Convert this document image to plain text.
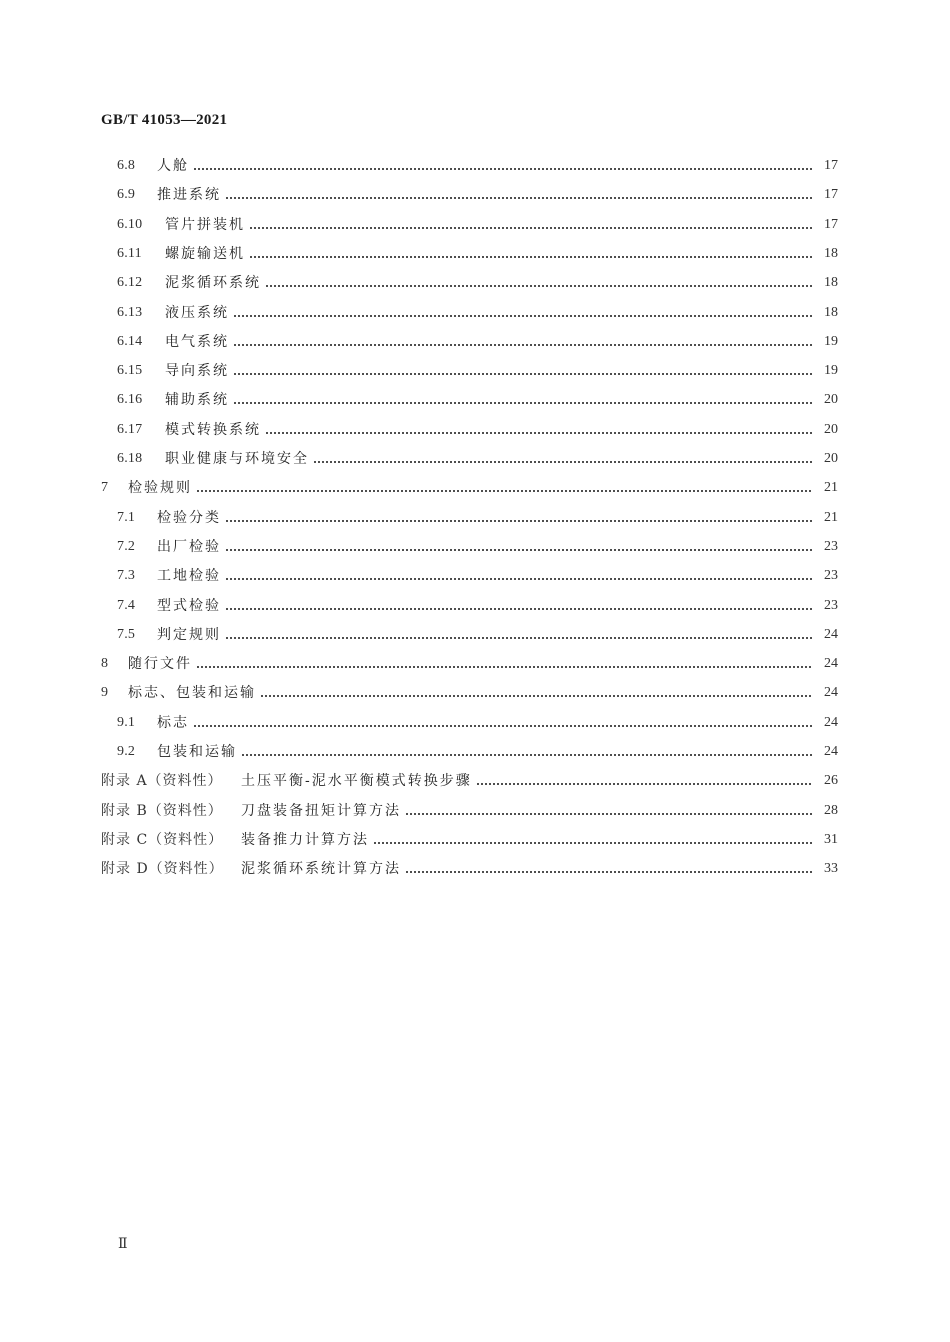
GB/T 41053—2021
6.8	人舱	17
6.9	推进系统	17
6.10	管片拼装机	17
6.11	螺旋输送机	18
6.12	泥浆循环系统	18
6.13	液压系统	18
6.14	电气系统	19
6.15	导向系统	19
6.16	辅助系统	20
6.17	模式转换系统	20
6.18	职业健康与环境安全	20
7	检验规则	21
7.1	检验分类	21
7.2	出厂检验	23
7.3	工地检验	23
7.4	型式检验	23
7.5	判定规则	24
8	随行文件	24
9	标志、包装和运输	24
9.1	标志	24
9.2	包装和运输	24
附录 A（资料性）	土压平衡-泥水平衡模式转换步骤	26
附录 B（资料性）	刀盘装备扭矩计算方法	28
附录 C（资料性）	装备推力计算方法	31
附录 D（资料性）	泥浆循环系统计算方法	33
Ⅱ
